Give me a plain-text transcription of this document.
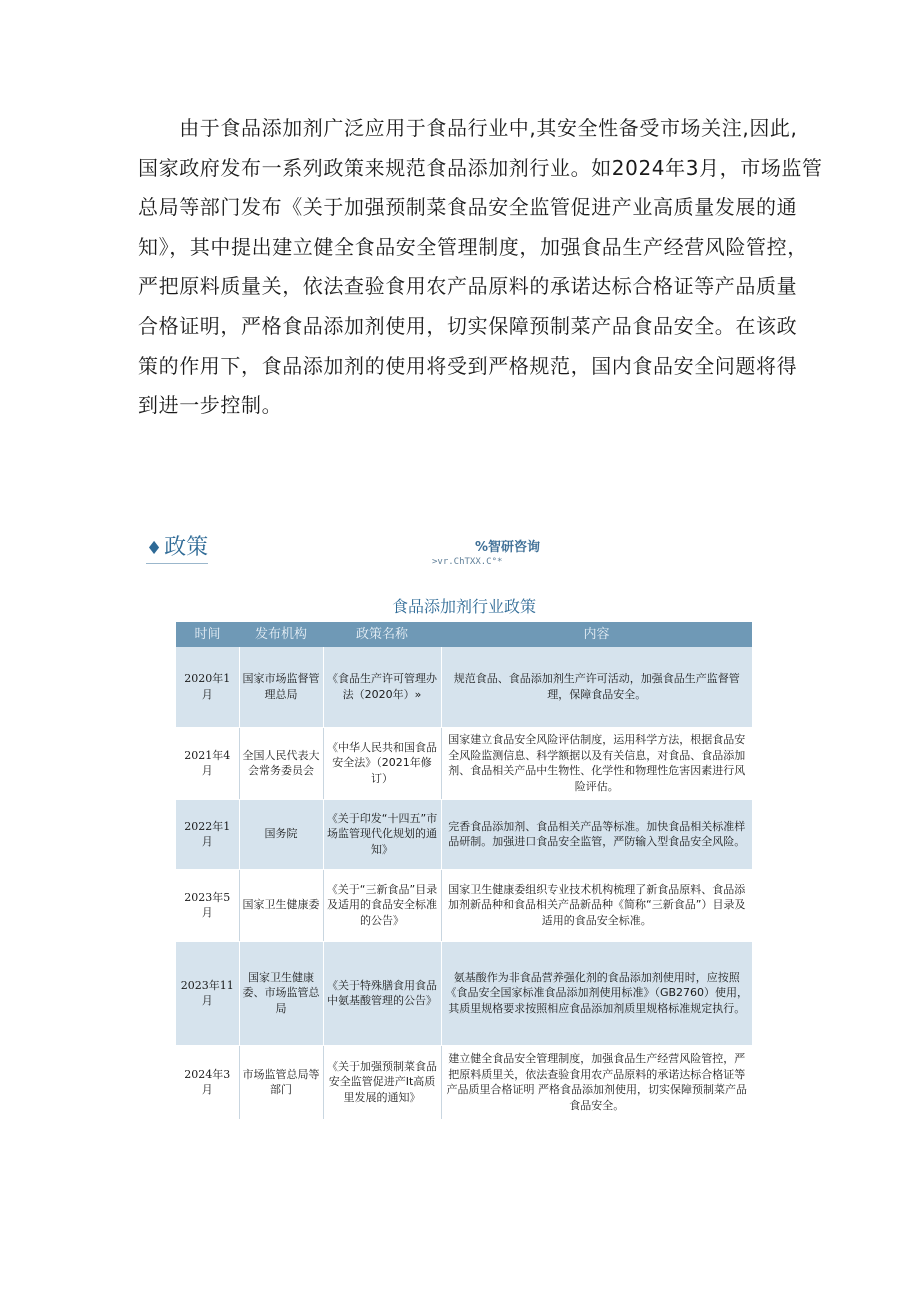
　　由于食品添加剂广泛应用于食品行业中,其安全性备受市场关注,因此,
国家政府发布一系列政策来规范食品添加剂行业。如2024年3月，市场监管
总局等部门发布《关于加强预制菜食品安全监管促进产业高质量发展的通
知》，其中提出建立健全食品安全管理制度，加强食品生产经营风险管控，
严把原料质量关，依法查验食用农产品原料的承诺达标合格证等产品质量
合格证明，严格食品添加剂使用，切实保障预制菜产品食品安全。在该政
策的作用下，食品添加剂的使用将受到严格规范，国内食品安全问题将得
到进一步控制。
♦政策	%智研咨询
>vr.ChTXX.C°*
食品添加剂行业政策
时间	发布机构	政策名称	内容
2020年1月	国家市场监督管理总局	《食品生产许可管理办法（2020年）»	规范食品、食品添加剂生产许可活动，加强食品生产监督管理，保障食品安全。
2021年4月	全国人民代表大会常务委员会	《中华人民共和国食品安全法》（2021年修订）	国家建立食品安全风险评估制度，运用科学方法，根据食品安全风险监测信息、科学额据以及有关信息，对食品、食品添加剂、食品相关产品中生物性、化学性和物理性危害因素进行风险评估。
2022年1月	国务院	《关于印发“十四五”市场监管现代化规划的通知》	完香食品添加剂、食品相关产品等标准。加快食品相关标准样品研制。加强进口食品安全监管，严防输入型食品安全风险。
2023年5月	国家卫生健康委	《关于“三新食品”目录及适用的食品安全标准的公告》	国家卫生健康委组织专业技术机构梳理了新食品原料、食品添加剂新品种和食品相关产品新品种《简称“三新食品”）目录及适用的食品安全标准。
2023年11月	国家卫生健康委、市场监管总局	《关于特殊膳食用食品中氨基酸管理的公告》	氨基酸作为非食品营养强化剂的食品添加剂使用时，应按照《食品安全国家标准食品添加剂使用标准》（GB2760）使用，其质里规格要求按照相应食品添加剂质里规格标准规定执行。
2024年3月	市场监管总局等部门	《关于加强预制菜食品安全监管促进产It高质里发展的通知》	建立健全食品安全管理制度，加强食品生产经营风险管控，严把原料质里关，依法查验食用农产品原料的承诺达标合格证等产品质里合格证明 严格食品添加剂使用，切实保障预制菜产品食品安全。
